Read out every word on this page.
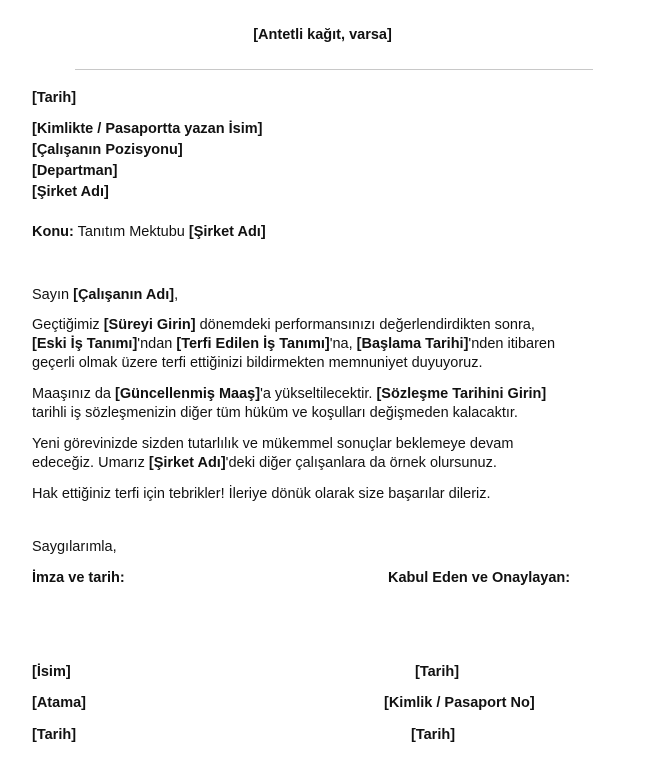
[Antetli kağıt, varsa]
[Tarih]
[Kimlikte / Pasaportta yazan İsim]
[Çalışanın Pozisyonu]
[Departman]
[Şirket Adı]
Konu: Tanıtım Mektubu [Şirket Adı]
Sayın [Çalışanın Adı],
Geçtiğimiz [Süreyi Girin] dönemdeki performansınızı değerlendirdikten sonra,
[Eski İş Tanımı]'ndan [Terfi Edilen İş Tanımı]'na, [Başlama Tarihi]'nden itibaren
geçerli olmak üzere terfi ettiğinizi bildirmekten memnuniyet duyuyoruz.
Maaşınız da [Güncellenmiş Maaş]'a yükseltilecektir. [Sözleşme Tarihini Girin]
tarihli iş sözleşmenizin diğer tüm hüküm ve koşulları değişmeden kalacaktır.
Yeni görevinizde sizden tutarlılık ve mükemmel sonuçlar beklemeye devam
edeceğiz. Umarız [Şirket Adı]'deki diğer çalışanlara da örnek olursunuz.
Hak ettiğiniz terfi için tebrikler! İleriye dönük olarak size başarılar dileriz.
Saygılarımla,
İmza ve tarih:	Kabul Eden ve Onaylayan:
[İsim]	[Tarih]
[Atama]	[Kimlik / Pasaport No]
[Tarih]	[Tarih]
